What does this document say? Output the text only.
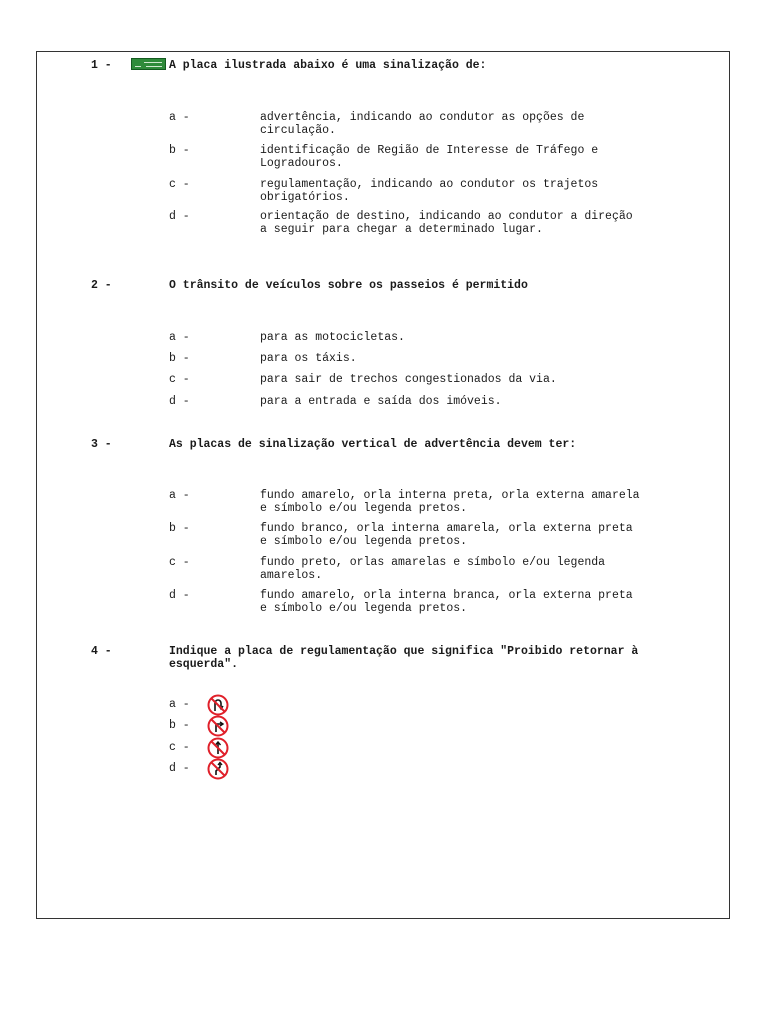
1 -	A placa ilustrada abaixo é uma sinalização de:
a -	advertência, indicando ao condutor as opções de circulação.
b -	identificação de Região de Interesse de Tráfego e Logradouros.
c -	regulamentação, indicando ao condutor os trajetos obrigatórios.
d -	orientação de destino, indicando ao condutor a direção a seguir para chegar a determinado lugar.
2 -	O trânsito de veículos sobre os passeios é permitido
a -	para as motocicletas.
b -	para os táxis.
c -	para sair de trechos congestionados da via.
d -	para a entrada e saída dos imóveis.
3 -	As placas de sinalização vertical de advertência devem ter:
a -	fundo amarelo, orla interna preta, orla externa amarela e símbolo e/ou legenda pretos.
b -	fundo branco, orla interna amarela, orla externa preta e símbolo e/ou legenda pretos.
c -	fundo preto, orlas amarelas e símbolo e/ou legenda amarelos.
d -	fundo amarelo, orla interna branca, orla externa preta e símbolo e/ou legenda pretos.
4 -	Indique a placa de regulamentação que significa "Proibido retornar à esquerda".
a -
b -
c -
d -
